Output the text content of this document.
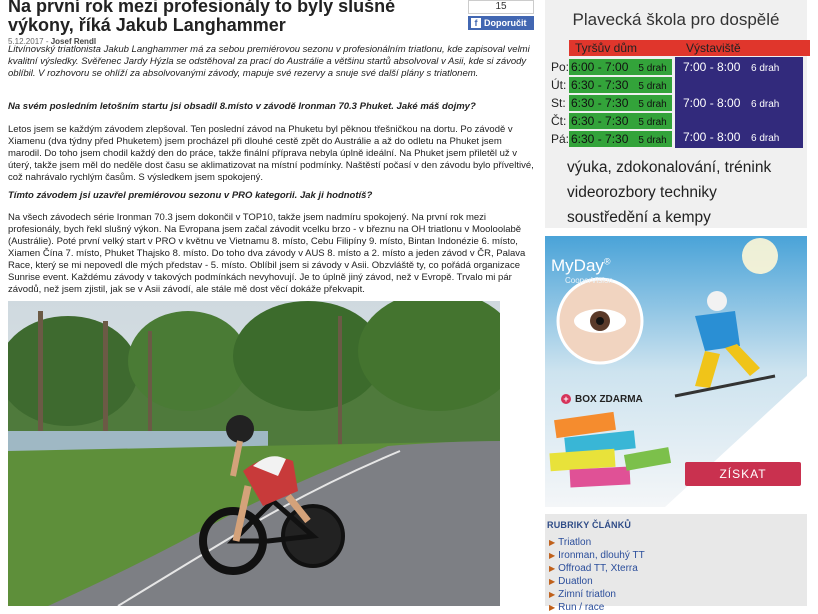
Na první rok mezi profesionály to byly slušné výkony, říká Jakub Langhammer
15
f Doporučit
5.12.2017 - Josef Rendl
Litvínovský triatlonista Jakub Langhammer má za sebou premiérovou sezonu v profesionálním triatlonu, kde zapisoval velmi kvalitní výsledky. Svěřenec Jardy Hýzla se odstěhoval za prací do Austrálie a většinu startů absolvoval v Asii, kde si závody oblíbil. V rozhovoru se ohlíží za absolvovanými závody, mapuje své rezervy a snuje své další plány s triatlonem.
Na svém posledním letošním startu jsi obsadil 8.místo v závodě Ironman 70.3 Phuket. Jaké máš dojmy?
Letos jsem se každým závodem zlepšoval. Ten poslední závod na Phuketu byl pěknou třešničkou na dortu. Po závodě v Xiamenu (dva týdny před Phuketem) jsem procházel při dlouhé cestě zpět do Austrálie a až do odletu na Phuket jsem marodil. Do toho jsem chodil každý den do práce, takže finální příprava nebyla úplně ideální. Na Phuket jsem přiletěl už v úterý, takže jsem měl do neděle dost času se aklimatizovat na místní podmínky. Naštěstí počasí v den závodu bylo příveltivé, což nahrávalo rychlým časům. S výsledkem jsem spokojený.
Tímto závodem jsi uzavřel premiérovou sezonu v PRO kategorii. Jak ji hodnotíš?
Na všech závodech série Ironman 70.3 jsem dokončil v TOP10, takže jsem nadmíru spokojený. Na první rok mezi profesionály, bych řekl slušný výkon. Na Evropana jsem začal závodit vcelku brzo - v březnu na OH triatlonu v Mooloolabě (Austrálie). Poté první velký start v PRO v květnu ve Vietnamu 8. místo, Cebu Filipíny 9. místo, Bintan Indonézie 6. místo, Xiamen Čína 7. místo, Phuket Thajsko 8. místo. Do toho dva závody v AUS 8. místo a 2. místo a jeden závod v ČR, Palava Race, který se mi nepovedl dle mých představ - 5. místo. Oblíbil jsem si závody v Asii. Obzvláště ty, co pořádá organizace Sunrise event. Každému závody v takových podmínkách nevyhovují. Je to úplně jiný závod, než v Evropě. Trvalo mi pár závodů, než jsem zjistil, jak se v Asii závodí, ale stále mě dost věcí dokáže překvapit.
Plavecká škola pro dospělé
Tyršův dům	Výstaviště
7:00 - 8:00 6 drah
7:00 - 8:00 6 drah
7:00 - 8:00 6 drah
Po: 6:00 - 7:00 5 drah
Út: 6:30 - 7:30 5 drah
St: 6:30 - 7:30 5 drah
Čt: 6:30 - 7:30 5 drah
Pá: 6:30 - 7:30 5 drah
výuka, zdokonalování, trénink
videorozbory techniky
soustředění a kempy
MyDay®
CooperVision
+ BOX ZDARMA
ZÍSKAT
RUBRIKY ČLÁNKŮ
▶ Triatlon
▶ Ironman, dlouhý TT
▶ Offroad TT, Xterra
▶ Duatlon
▶ Zimní triatlon
▶ Run / race
